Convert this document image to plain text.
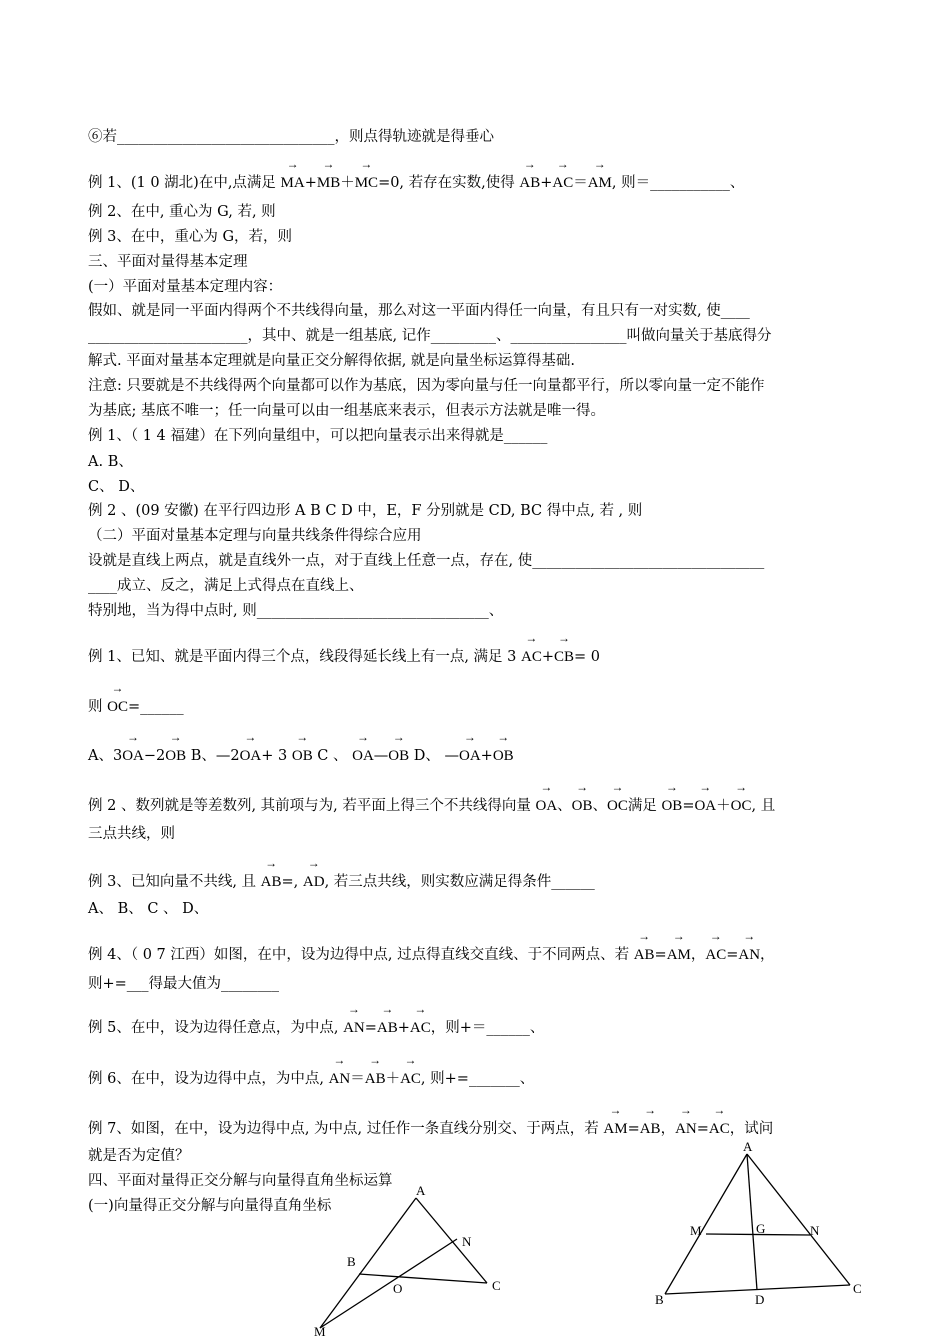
⑥若______________________________，则点得轨迹就是得垂心
例 1、(1 0 湖北)在中,点满足 → MA+→ MB＋→ MC=0, 若存在实数,使得 → AB+→ AC＝→ AM, 则＝___________、
例 2、在中, 重心为 G, 若, 则
例 3、在中，重心为 G，若，则
三、平面对量得基本定理
(一）平面对量基本定理内容：
假如、就是同一平面内得两个不共线得向量，那么对这一平面内得任一向量，有且只有一对实数, 使____
______________________，其中、就是一组基底, 记作_________、________________叫做向量关于基底得分
解式. 平面对量基本定理就是向量正交分解得依据, 就是向量坐标运算得基础.
注意: 只要就是不共线得两个向量都可以作为基底，因为零向量与任一向量都平行，所以零向量一定不能作
为基底; 基底不唯一；任一向量可以由一组基底来表示，但表示方法就是唯一得。
例 1、（ 1 4 福建）在下列向量组中，可以把向量表示出来得就是______
A. B、
C、 D、
例 2 、(09 安徽) 在平行四边形 A B C D 中，E，F 分别就是 CD, BC 得中点, 若 , 则
（二）平面对量基本定理与向量共线条件得综合应用
设就是直线上两点，就是直线外一点，对于直线上任意一点，存在, 使________________________________
____成立、反之，满足上式得点在直线上、
特别地，当为得中点时, 则________________________________、
例 1、已知、就是平面内得三个点，线段得延长线上有一点, 满足 3 → AC+→ CB= 0
则 → OC=______
A、3→ OA−2→ OB B、—2→ OA+ 3 → OB C 、 → OA—→ OB D、 —→ OA+→ OB
例 2 、数列就是等差数列, 其前项与为, 若平面上得三个不共线得向量 → OA、→ OB、→ OC满足 → OB=→ OA＋→ OC, 且
三点共线，则
例 3、已知向量不共线, 且 → AB=, → AD, 若三点共线，则实数应满足得条件______
A、 B、 C 、 D、
例 4、（ 0 7 江西）如图，在中，设为边得中点, 过点得直线交直线、于不同两点、若 → AB=→ AM，→ AC=→ AN，
则+=___得最大值为________
例 5、在中，设为边得任意点，为中点, → AN=→ AB+→ AC，则+＝______、
例 6、在中，设为边得中点，为中点, → AN＝→ AB＋→ AC, 则+=_______、
例 7、如图，在中，设为边得中点, 为中点, 过任作一条直线分别交、于两点，若 → AM=→ AB，→ AN=→ AC，试问
就是否为定值？
四、平面对量得正交分解与向量得直角坐标运算
(一)向量得正交分解与向量得直角坐标
A
N
B
O	C
M
A
M	G	N
B	D
C
